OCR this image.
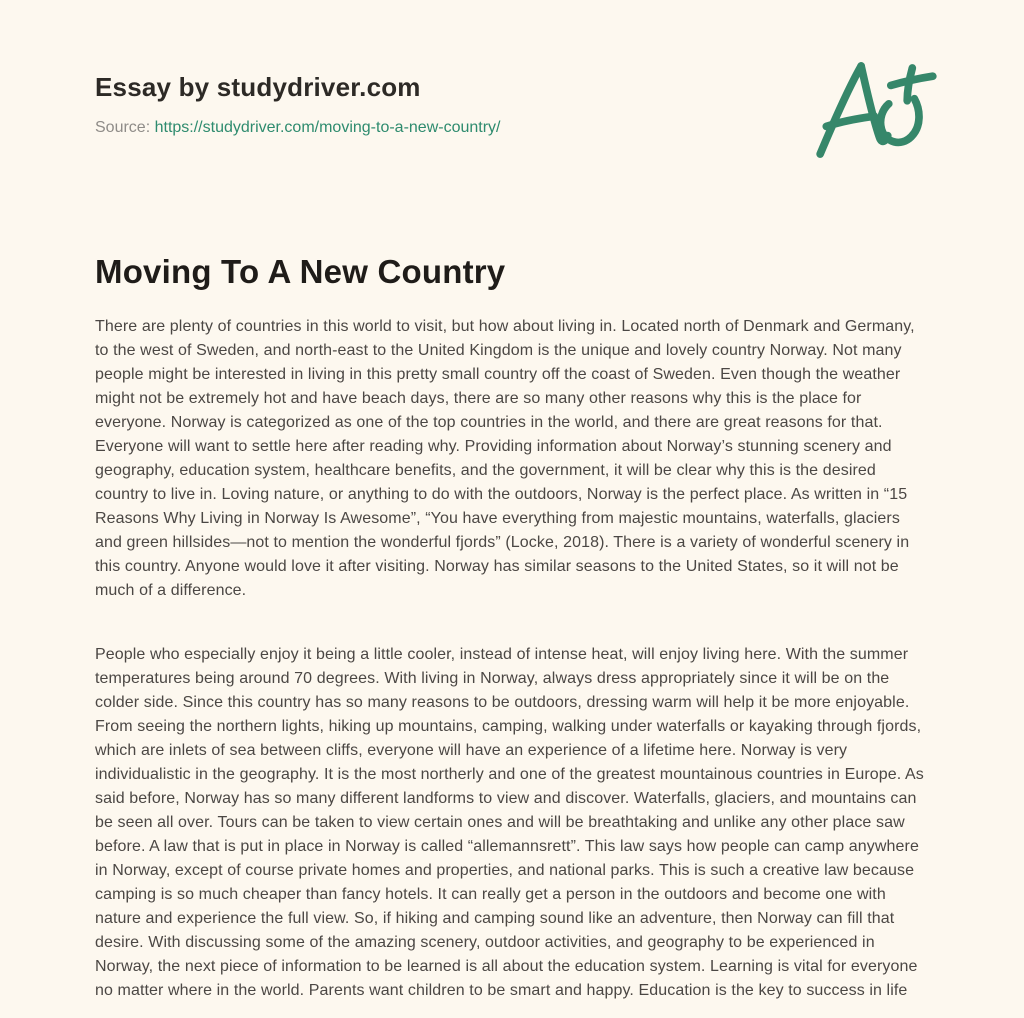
Essay by studydriver.com
Source: https://studydriver.com/moving-to-a-new-country/
Moving To A New Country

There are plenty of countries in this world to visit, but how about living in. Located north of Denmark and Germany, to the west of Sweden, and north-east to the United Kingdom is the unique and lovely country Norway. Not many people might be interested in living in this pretty small country off the coast of Sweden. Even though the weather might not be extremely hot and have beach days, there are so many other reasons why this is the place for everyone. Norway is categorized as one of the top countries in the world, and there are great reasons for that. Everyone will want to settle here after reading why. Providing information about Norway’s stunning scenery and geography, education system, healthcare benefits, and the government, it will be clear why this is the desired country to live in. Loving nature, or anything to do with the outdoors, Norway is the perfect place. As written in “15 Reasons Why Living in Norway Is Awesome”, “You have everything from majestic mountains, waterfalls, glaciers and green hillsides—not to mention the wonderful fjords” (Locke, 2018). There is a variety of wonderful scenery in this country. Anyone would love it after visiting. Norway has similar seasons to the United States, so it will not be much of a difference.

People who especially enjoy it being a little cooler, instead of intense heat, will enjoy living here. With the summer temperatures being around 70 degrees. With living in Norway, always dress appropriately since it will be on the colder side. Since this country has so many reasons to be outdoors, dressing warm will help it be more enjoyable. From seeing the northern lights, hiking up mountains, camping, walking under waterfalls or kayaking through fjords, which are inlets of sea between cliffs, everyone will have an experience of a lifetime here. Norway is very individualistic in the geography. It is the most northerly and one of the greatest mountainous countries in Europe. As said before, Norway has so many different landforms to view and discover. Waterfalls, glaciers, and mountains can be seen all over. Tours can be taken to view certain ones and will be breathtaking and unlike any other place saw before. A law that is put in place in Norway is called “allemannsrett”. This law says how people can camp anywhere in Norway, except of course private homes and properties, and national parks. This is such a creative law because camping is so much cheaper than fancy hotels. It can really get a person in the outdoors and become one with nature and experience the full view. So, if hiking and camping sound like an adventure, then Norway can fill that desire. With discussing some of the amazing scenery, outdoor activities, and geography to be experienced in Norway, the next piece of information to be learned is all about the education system. Learning is vital for everyone no matter where in the world. Parents want children to be smart and happy. Education is the key to success in life
